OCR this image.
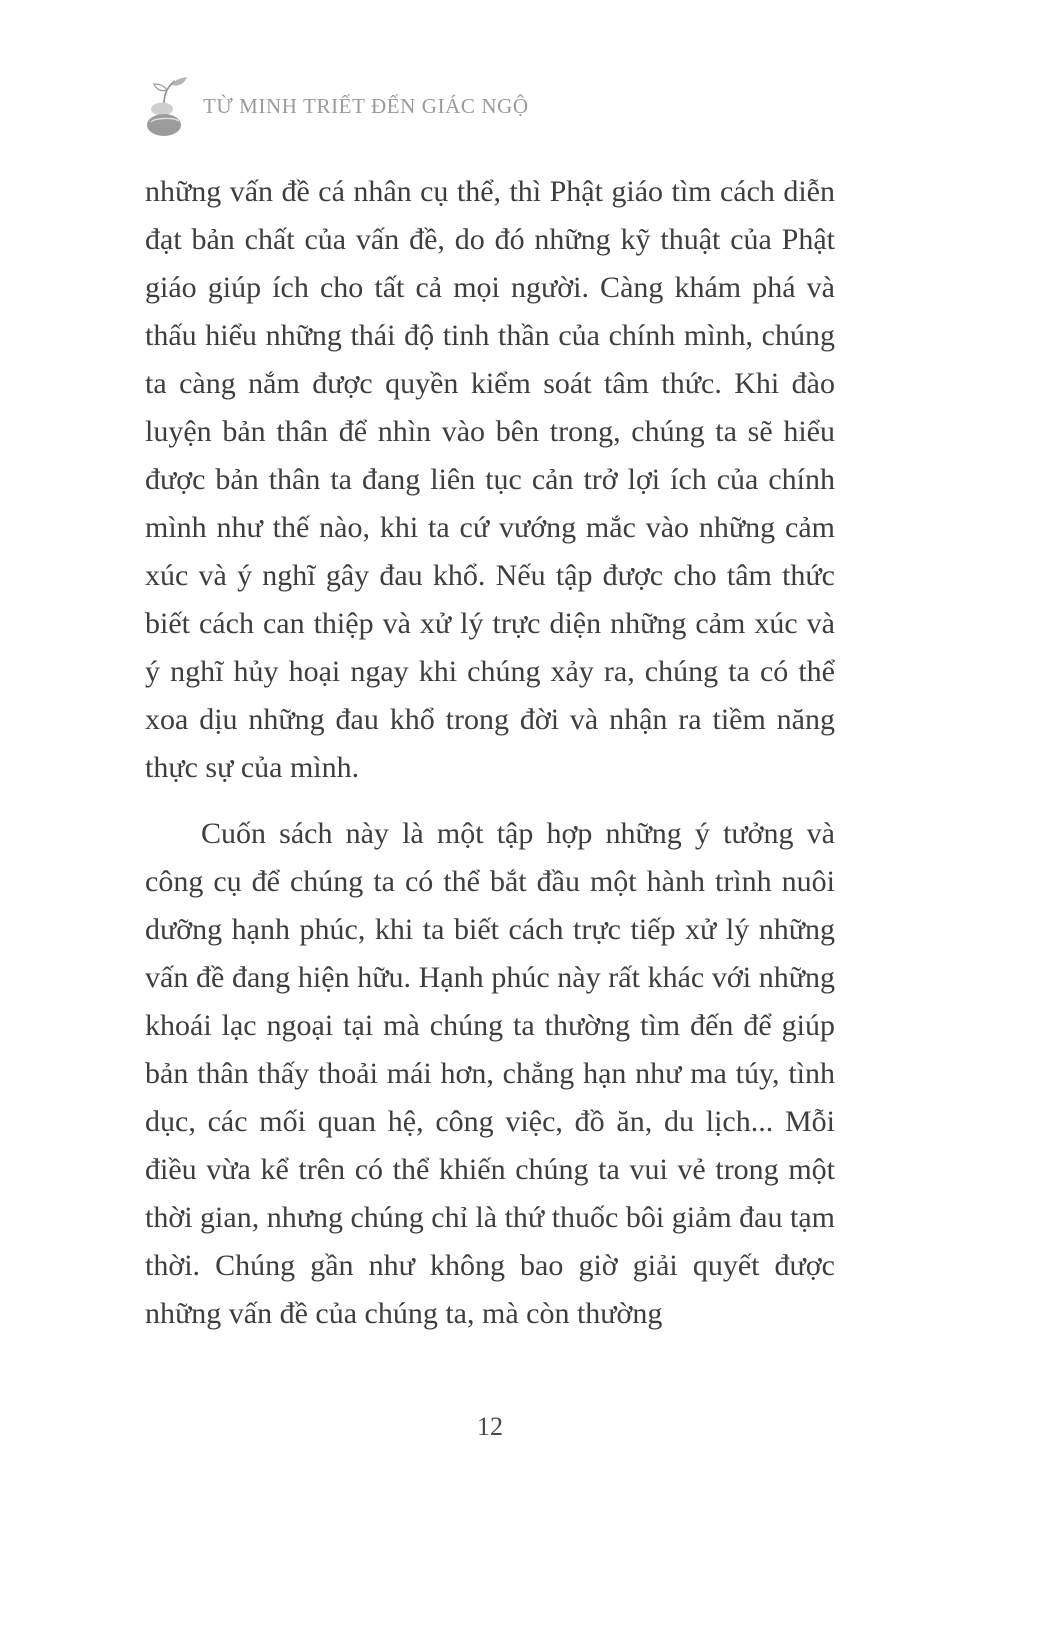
TỪ MINH TRIẾT ĐẾN GIÁC NGỘ

những vấn đề cá nhân cụ thể, thì Phật giáo tìm cách diễn đạt bản chất của vấn đề, do đó những kỹ thuật của Phật giáo giúp ích cho tất cả mọi người. Càng khám phá và thấu hiểu những thái độ tinh thần của chính mình, chúng ta càng nắm được quyền kiểm soát tâm thức. Khi đào luyện bản thân để nhìn vào bên trong, chúng ta sẽ hiểu được bản thân ta đang liên tục cản trở lợi ích của chính mình như thế nào, khi ta cứ vướng mắc vào những cảm xúc và ý nghĩ gây đau khổ. Nếu tập được cho tâm thức biết cách can thiệp và xử lý trực diện những cảm xúc và ý nghĩ hủy hoại ngay khi chúng xảy ra, chúng ta có thể xoa dịu những đau khổ trong đời và nhận ra tiềm năng thực sự của mình.

Cuốn sách này là một tập hợp những ý tưởng và công cụ để chúng ta có thể bắt đầu một hành trình nuôi dưỡng hạnh phúc, khi ta biết cách trực tiếp xử lý những vấn đề đang hiện hữu. Hạnh phúc này rất khác với những khoái lạc ngoại tại mà chúng ta thường tìm đến để giúp bản thân thấy thoải mái hơn, chẳng hạn như ma túy, tình dục, các mối quan hệ, công việc, đồ ăn, du lịch... Mỗi điều vừa kể trên có thể khiến chúng ta vui vẻ trong một thời gian, nhưng chúng chỉ là thứ thuốc bôi giảm đau tạm thời. Chúng gần như không bao giờ giải quyết được những vấn đề của chúng ta, mà còn thường

12
